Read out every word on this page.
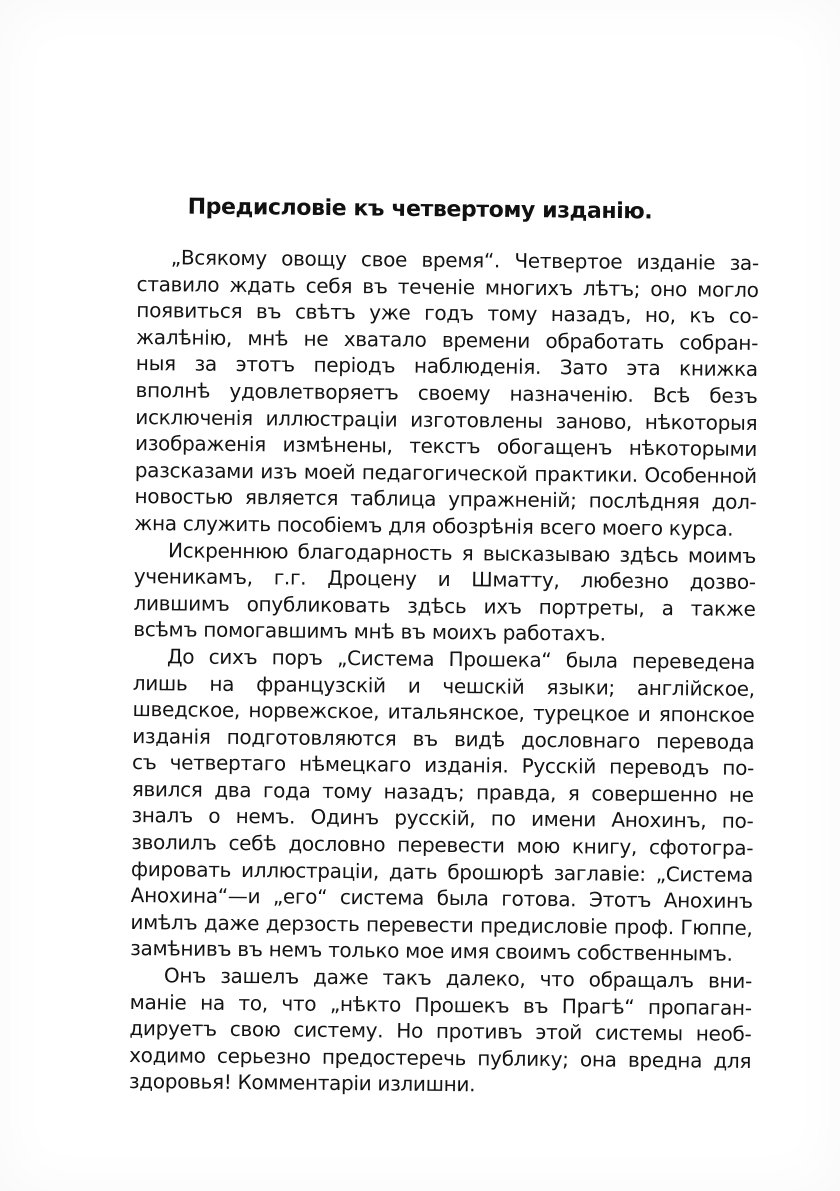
Предисловіе къ четвертому изданію.
„Всякому овощу свое время“. Четвертое изданіе за-
ставило ждать себя въ теченіе многихъ лѣтъ; оно могло
появиться въ свѣтъ уже годъ тому назадъ, но, къ со-
жалѣнію, мнѣ не хватало времени обработать собран-
ныя за этотъ періодъ наблюденія. Зато эта книжка
вполнѣ удовлетворяетъ своему назначенію. Всѣ безъ
исключенія иллюстраціи изготовлены заново, нѣкоторыя
изображенія измѣнены, текстъ обогащенъ нѣкоторыми
разсказами изъ моей педагогической практики. Особенной
новостью является таблица упражненій; послѣдняя дол-
жна служить пособіемъ для обозрѣнія всего моего курса.
Искреннюю благодарность я высказываю здѣсь моимъ
ученикамъ, г.г. Дроцену и Шматту, любезно дозво-
лившимъ опубликовать здѣсь ихъ портреты, а также
всѣмъ помогавшимъ мнѣ въ моихъ работахъ.
До сихъ поръ „Система Прошека“ была переведена
лишь на французскій и чешскій языки; англійское,
шведское, норвежское, итальянское, турецкое и японское
изданія подготовляются въ видѣ дословнаго перевода
съ четвертаго нѣмецкаго изданія. Русскій переводъ по-
явился два года тому назадъ; правда, я совершенно не
зналъ о немъ. Одинъ русскій, по имени Анохинъ, по-
зволилъ себѣ дословно перевести мою книгу, сфотогра-
фировать иллюстраціи, дать брошюрѣ заглавіе: „Система
Анохина“—и „его“ система была готова. Этотъ Анохинъ
имѣлъ даже дерзость перевести предисловіе проф. Гюппе,
замѣнивъ въ немъ только мое имя своимъ собственнымъ.
Онъ зашелъ даже такъ далеко, что обращалъ вни-
маніе на то, что „нѣкто Прошекъ въ Прагѣ“ пропаган-
дируетъ свою систему. Но противъ этой системы необ-
ходимо серьезно предостеречь публику; она вредна для
здоровья! Комментаріи излишни.
